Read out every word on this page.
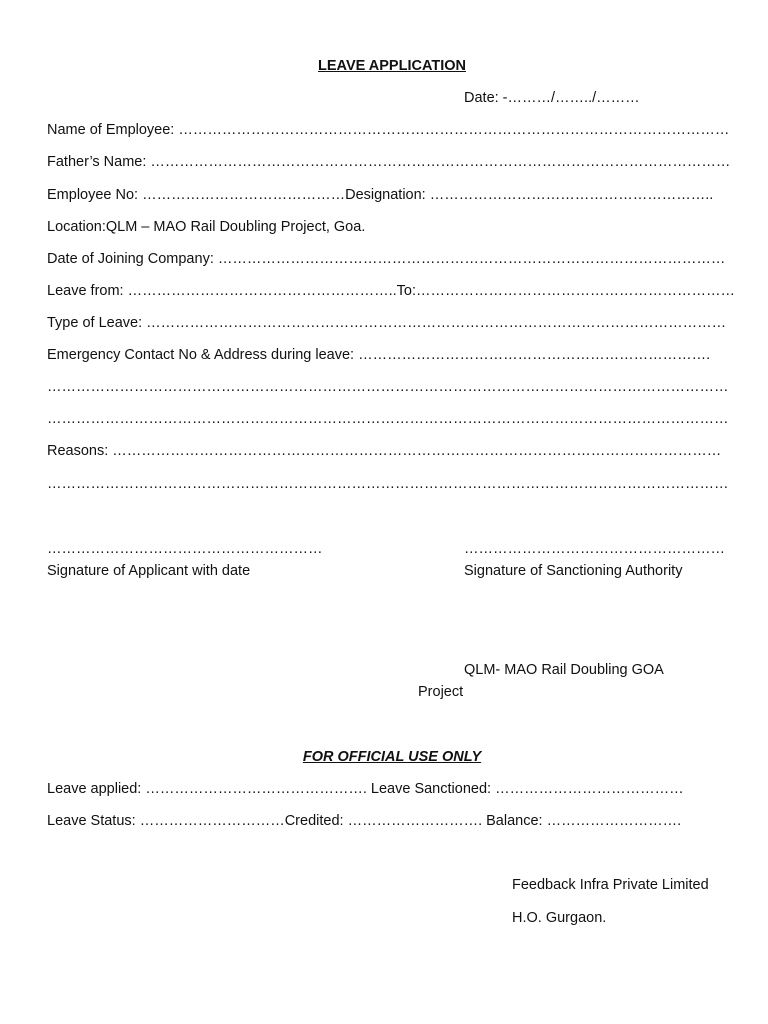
LEAVE APPLICATION
Date: -………/……../………
Name of Employee: ……………………………………………………………………………………………………
Father’s Name: …………………………………………………………………………………………………………
Employee No: ……………………………………Designation: …………………………………………………..
Location:QLM – MAO Rail Doubling Project, Goa.
Date of Joining Company: ……………………………………………………………………………………………
Leave from: ………………………………………………..To:…………………………………………………………
Type of Leave: …………………………………………………………………………………………………………
Emergency Contact No & Address during leave: ……………………………………………………………….
……………………………………………………………………………………………………………………………
……………………………………………………………………………………………………………………………
Reasons: ………………………………………………………………………………………………………………
……………………………………………………………………………………………………………………………
…………………………………………………
Signature of Applicant with date
………………………………………………
Signature of Sanctioning Authority
QLM- MAO Rail Doubling GOA
Project
FOR OFFICIAL USE ONLY
Leave applied: ………………………………………. Leave Sanctioned: …………………………………
Leave Status: …………………………Credited: ………………………. Balance: ……………………….
Feedback Infra Private Limited
H.O. Gurgaon.
